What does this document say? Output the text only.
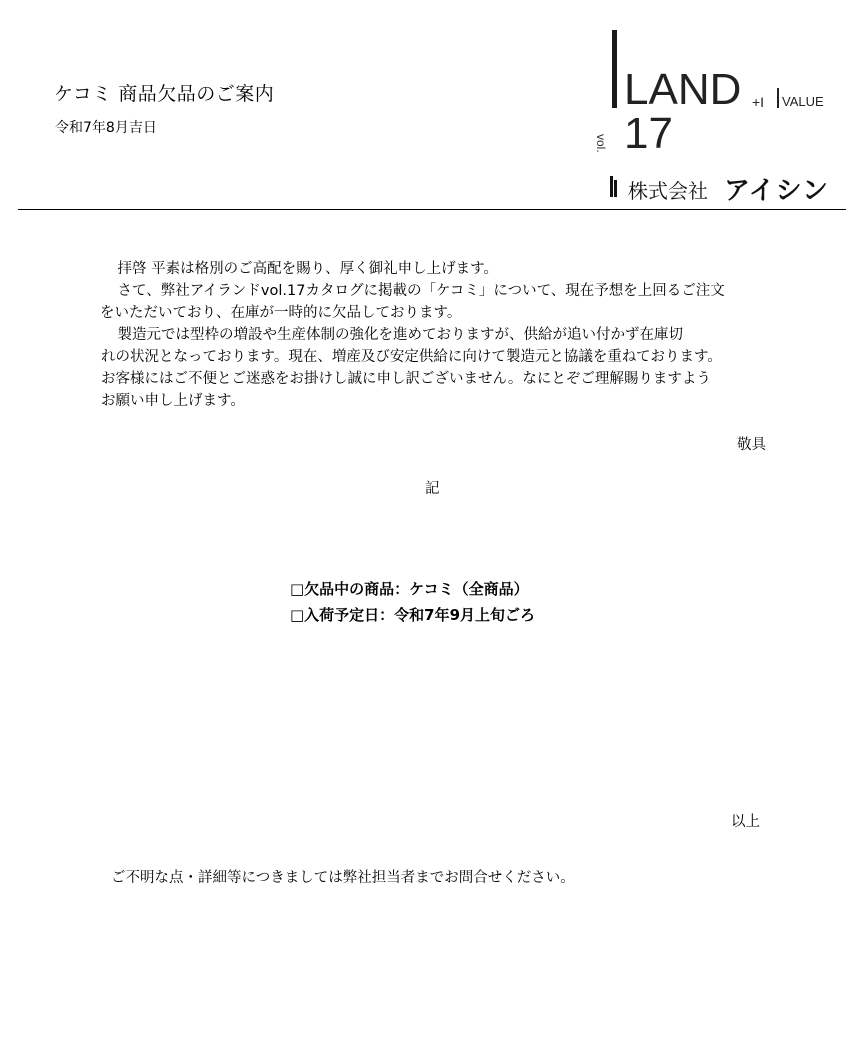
ケコミ 商品欠品のご案内
令和7年8月吉日
LAND +I VALUE
vol. 17
株式会社 アイシン

　拝啓 平素は格別のご高配を賜り、厚く御礼申し上げます。

　さて、弊社アイランドvol.17カタログに掲載の「ケコミ」について、現在予想を上回るご注文

をいただいており、在庫が一時的に欠品しております。

　製造元では型枠の増設や生産体制の強化を進めておりますが、供給が追い付かず在庫切

れの状況となっております。現在、増産及び安定供給に向けて製造元と協議を重ねております。

お客様にはご不便とご迷惑をお掛けし誠に申し訳ございません。なにとぞご理解賜りますよう

お願い申し上げます。

敬具
記
□欠品中の商品：ケコミ（全商品）
□入荷予定日：令和7年9月上旬ごろ
以上
ご不明な点・詳細等につきましては弊社担当者までお問合せください。
